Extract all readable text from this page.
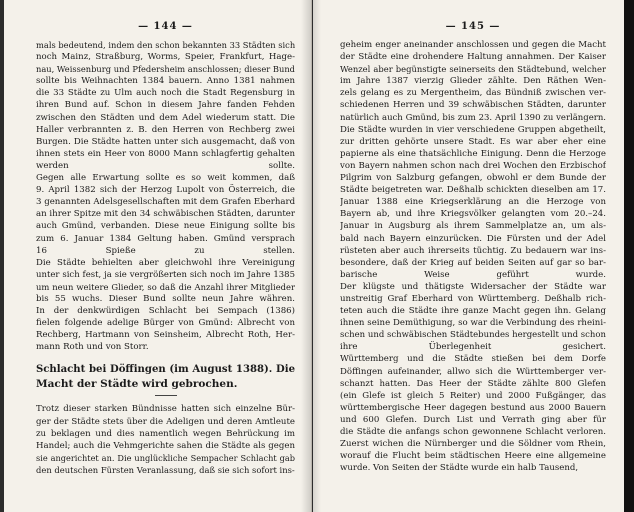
— 144 —
mals bedeutend, indem den schon bekannten 33 Städten sich
noch Mainz, Straßburg, Worms, Speier, Frankfurt, Hage-
nau, Weissenburg und Pfedersheim anschlossen; dieser Bund
sollte bis Weihnachten 1384 bauern. Anno 1381 nahmen
die 33 Städte zu Ulm auch noch die Stadt Regensburg in
ihren Bund auf. Schon in diesem Jahre fanden Fehden
zwischen den Städten und dem Adel wiederum statt. Die
Haller verbrannten z. B. den Herren von Rechberg zwei
Burgen. Die Städte hatten unter sich ausgemacht, daß von
ihnen stets ein Heer von 8000 Mann schlagfertig gehalten
werden sollte.
Gegen alle Erwartung sollte es so weit kommen, daß
9. April 1382 sich der Herzog Lupolt von Österreich, die
3 genannten Adelsgesellschaften mit dem Grafen Eberhard
an ihrer Spitze mit den 34 schwäbischen Städten, darunter
auch Gmünd, verbanden. Diese neue Einigung sollte bis
zum 6. Januar 1384 Geltung haben. Gmünd versprach
16 Spieße zu stellen.
Die Städte behielten aber gleichwohl ihre Vereinigung
unter sich fest, ja sie vergrößerten sich noch im Jahre 1385
um neun weitere Glieder, so daß die Anzahl ihrer Mitglieder
bis 55 wuchs. Dieser Bund sollte neun Jahre währen.
In der denkwürdigen Schlacht bei Sempach (1386)
fielen folgende adelige Bürger von Gmünd: Albrecht von
Rechberg, Hartmann von Seinsheim, Albrecht Roth, Her-
mann Roth und von Storr.
Schlacht bei Döffingen (im August 1388). Die
Macht der Städte wird gebrochen.
Trotz dieser starken Bündnisse hatten sich einzelne Bür-
ger der Städte stets über die Adeligen und deren Amtleute
zu beklagen und dies namentlich wegen Behrückung im
Handel; auch die Vehmgerichte sahen die Städte als gegen
sie angerichtet an. Die unglückliche Sempacher Schlacht gab
den deutschen Fürsten Veranlassung, daß sie sich sofort ins-
— 145 —
geheim enger aneinander anschlossen und gegen die Macht
der Städte eine drohendere Haltung annahmen. Der Kaiser
Wenzel aber begünstigte seinerseits den Städtebund, welcher
im Jahre 1387 vierzig Glieder zählte. Den Räthen Wen-
zels gelang es zu Mergentheim, das Bündniß zwischen ver-
schiedenen Herren und 39 schwäbischen Städten, darunter
natürlich auch Gmünd, bis zum 23. April 1390 zu verlängern.
Die Städte wurden in vier verschiedene Gruppen abgetheilt,
zur dritten gehörte unsere Stadt. Es war aber eher eine
papierne als eine thatsächliche Einigung. Denn die Herzoge
von Bayern nahmen schon nach drei Wochen den Erzbischof
Pilgrim von Salzburg gefangen, obwohl er dem Bunde der
Städte beigetreten war. Deßhalb schickten dieselben am 17.
Januar 1388 eine Kriegserklärung an die Herzoge von
Bayern ab, und ihre Kriegsvölker gelangten vom 20.–24.
Januar in Augsburg als ihrem Sammelplatze an, um als-
bald nach Bayern einzurücken. Die Fürsten und der Adel
rüsteten aber auch ihrerseits tüchtig. Zu bedauern war ins-
besondere, daß der Krieg auf beiden Seiten auf gar so bar-
barische Weise geführt wurde.
Der klügste und thätigste Widersacher der Städte war
unstreitig Graf Eberhard von Württemberg. Deßhalb rich-
teten auch die Städte ihre ganze Macht gegen ihn. Gelang
ihnen seine Demüthigung, so war die Verbindung des rheini-
schen und schwäbischen Städtebundes hergestellt und schon
ihre Überlegenheit gesichert.
Württemberg und die Städte stießen bei dem Dorfe
Döffingen aufeinander, allwo sich die Württemberger ver-
schanzt hatten. Das Heer der Städte zählte 800 Glefen
(ein Glefe ist gleich 5 Reiter) und 2000 Fußgänger, das
württembergische Heer dagegen bestund aus 2000 Bauern
und 600 Glefen. Durch List und Verrath ging aber für
die Städte die anfangs schon gewonnene Schlacht verloren.
Zuerst wichen die Nürnberger und die Söldner vom Rhein,
worauf die Flucht beim städtischen Heere eine allgemeine
wurde. Von Seiten der Städte wurde ein halb Tausend,
